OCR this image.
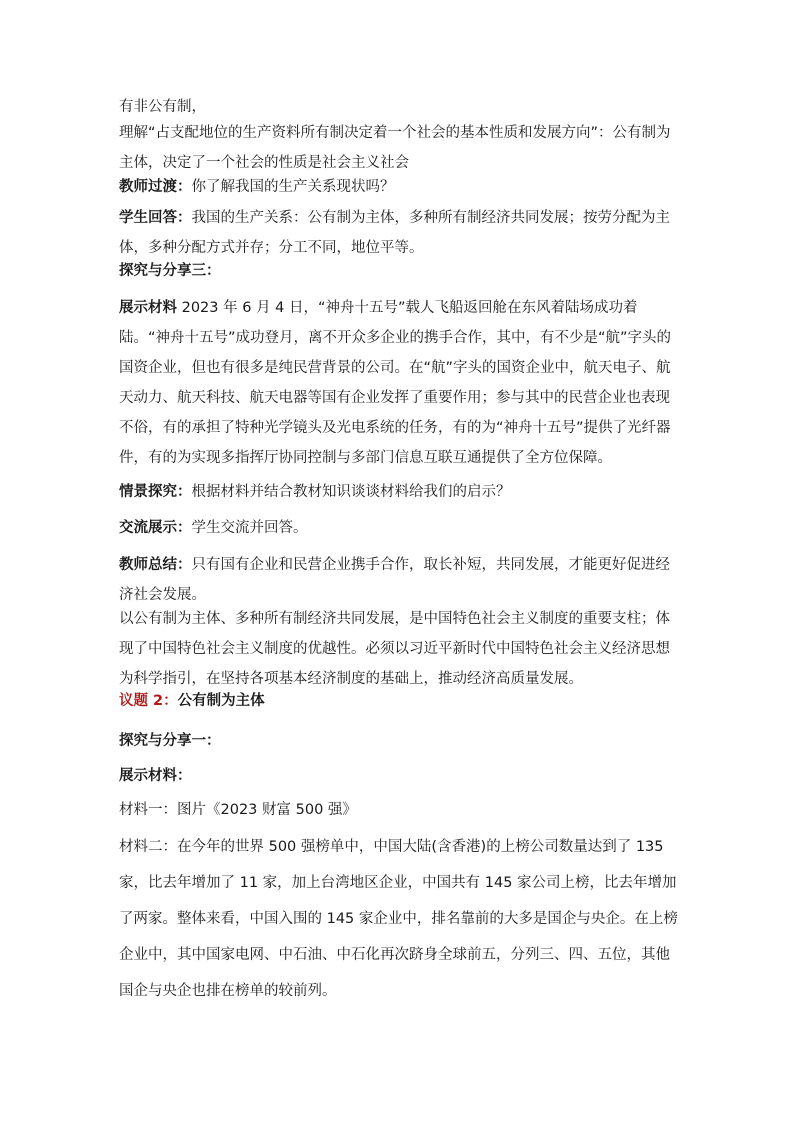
有非公有制，

理解“占支配地位的生产资料所有制决定着一个社会的基本性质和发展方向”：公有制为主体，决定了一个社会的性质是社会主义社会

教师过渡：你了解我国的生产关系现状吗？

学生回答：我国的生产关系：公有制为主体，多种所有制经济共同发展；按劳分配为主体，多种分配方式并存；分工不同，地位平等。

探究与分享三：

展示材料 2023 年 6 月 4 日，“神舟十五号”载人飞船返回舱在东风着陆场成功着陆。“神舟十五号”成功登月，离不开众多企业的携手合作，其中，有不少是“航”字头的国资企业，但也有很多是纯民营背景的公司。在“航”字头的国资企业中，航天电子、航天动力、航天科技、航天电器等国有企业发挥了重要作用；参与其中的民营企业也表现不俗，有的承担了特种光学镜头及光电系统的任务，有的为“神舟十五号”提供了光纤器件，有的为实现多指挥厅协同控制与多部门信息互联互通提供了全方位保障。

情景探究：根据材料并结合教材知识谈谈材料给我们的启示？

交流展示：学生交流并回答。

教师总结：只有国有企业和民营企业携手合作，取长补短，共同发展，才能更好促进经济社会发展。

以公有制为主体、多种所有制经济共同发展，是中国特色社会主义制度的重要支柱；体现了中国特色社会主义制度的优越性。必须以习近平新时代中国特色社会主义经济思想为科学指引，在坚持各项基本经济制度的基础上，推动经济高质量发展。

议题 2：公有制为主体

探究与分享一：

展示材料：

材料一：图片《2023 财富 500 强》

材料二：在今年的世界 500 强榜单中，中国大陆(含香港)的上榜公司数量达到了 135 家，比去年增加了 11 家，加上台湾地区企业，中国共有 145 家公司上榜，比去年增加了两家。整体来看，中国入围的 145 家企业中，排名靠前的大多是国企与央企。在上榜企业中，其中国家电网、中石油、中石化再次跻身全球前五，分列三、四、五位，其他国企与央企也排在榜单的较前列。
